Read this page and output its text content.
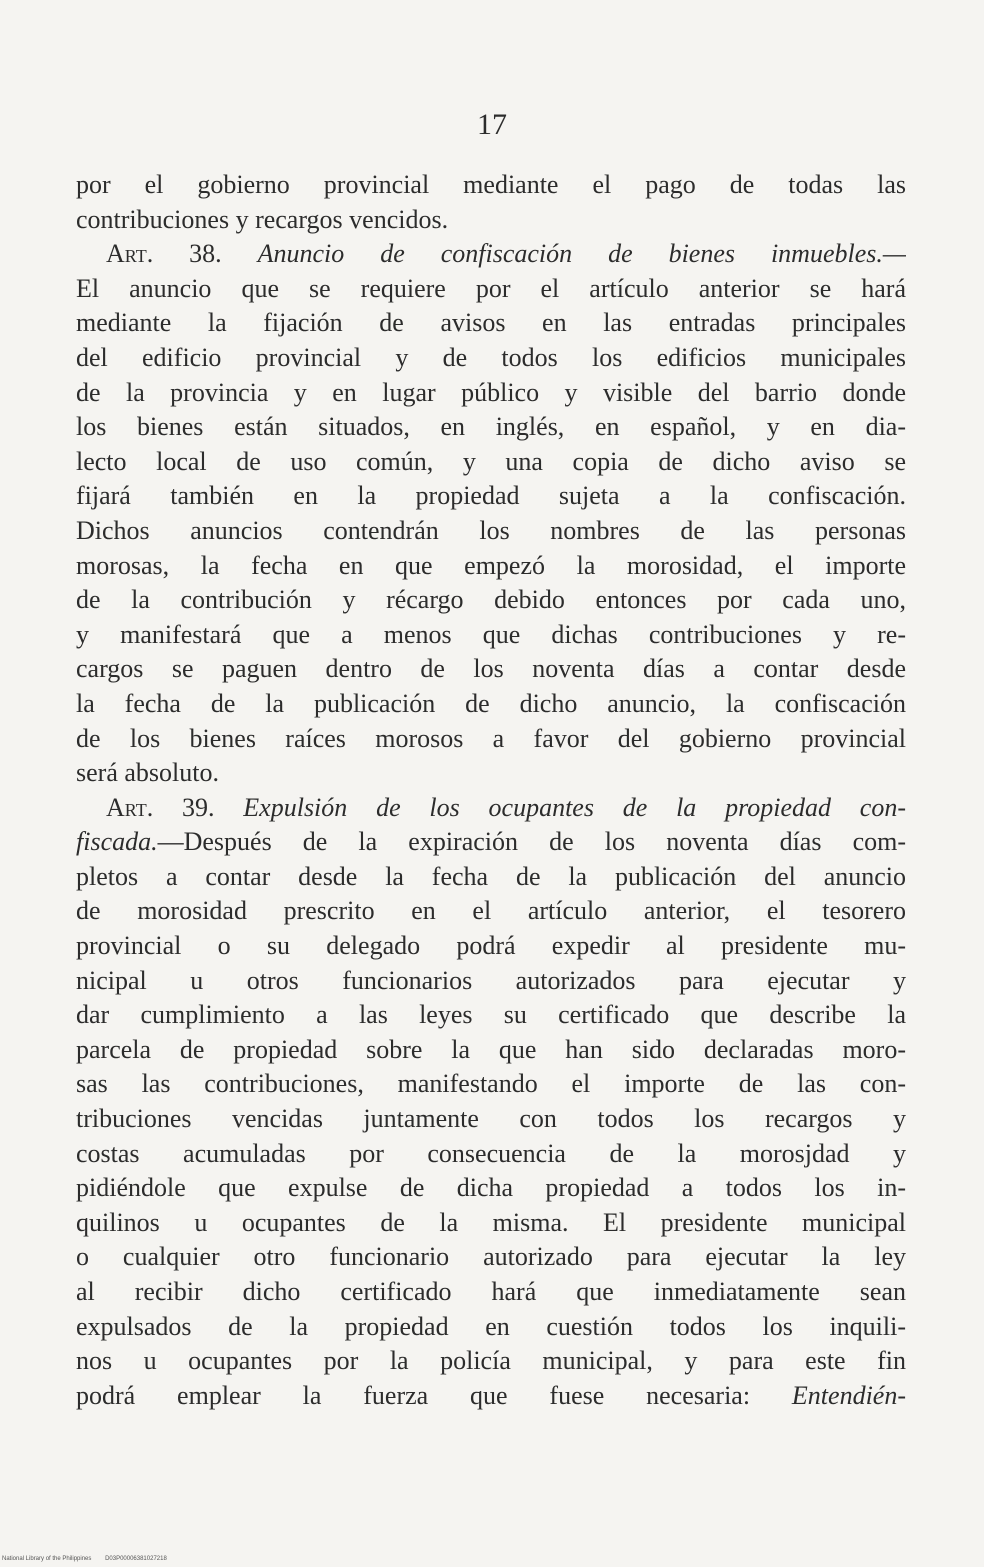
17
por el gobierno provincial mediante el pago de todas las
contribuciones y recargos vencidos.
Art. 38. Anuncio de confiscación de bienes inmuebles.—
El anuncio que se requiere por el artículo anterior se hará
mediante la fijación de avisos en las entradas principales
del edificio provincial y de todos los edificios municipales
de la provincia y en lugar público y visible del barrio donde
los bienes están situados, en inglés, en español, y en dia-
lecto local de uso común, y una copia de dicho aviso se
fijará también en la propiedad sujeta a la confiscación.
Dichos anuncios contendrán los nombres de las personas
morosas, la fecha en que empezó la morosidad, el importe
de la contribución y récargo debido entonces por cada uno,
y manifestará que a menos que dichas contribuciones y re-
cargos se paguen dentro de los noventa días a contar desde
la fecha de la publicación de dicho anuncio, la confiscación
de los bienes raíces morosos a favor del gobierno provincial
será absoluto.
Art. 39. Expulsión de los ocupantes de la propiedad con-
fiscada.—Después de la expiración de los noventa días com-
pletos a contar desde la fecha de la publicación del anuncio
de morosidad prescrito en el artículo anterior, el tesorero
provincial o su delegado podrá expedir al presidente mu-
nicipal u otros funcionarios autorizados para ejecutar y
dar cumplimiento a las leyes su certificado que describe la
parcela de propiedad sobre la que han sido declaradas moro-
sas las contribuciones, manifestando el importe de las con-
tribuciones vencidas juntamente con todos los recargos y
costas acumuladas por consecuencia de la morosjdad y
pidiéndole que expulse de dicha propiedad a todos los in-
quilinos u ocupantes de la misma. El presidente municipal
o cualquier otro funcionario autorizado para ejecutar la ley
al recibir dicho certificado hará que inmediatamente sean
expulsados de la propiedad en cuestión todos los inquili-
nos u ocupantes por la policía municipal, y para este fin
podrá emplear la fuerza que fuese necesaria: Entendién-
National Library of the Philippines D03P00006381027218
